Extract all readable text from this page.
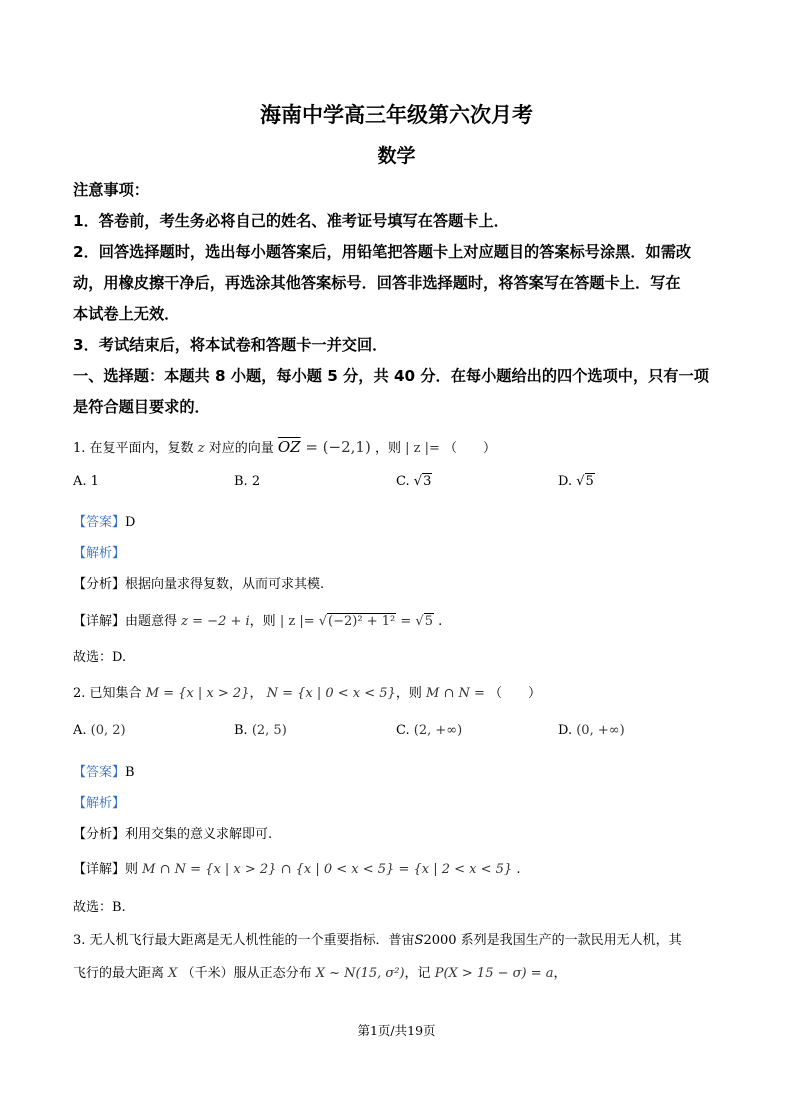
海南中学高三年级第六次月考
数学
注意事项：
1．答卷前，考生务必将自己的姓名、准考证号填写在答题卡上．
2．回答选择题时，选出每小题答案后，用铅笔把答题卡上对应题目的答案标号涂黑．如需改
动，用橡皮擦干净后，再选涂其他答案标号．回答非选择题时，将答案写在答题卡上．写在
本试卷上无效．
3．考试结束后，将本试卷和答题卡一并交回．
一、选择题：本题共 8 小题，每小题 5 分，共 40 分．在每小题给出的四个选项中，只有一项
是符合题目要求的．
1. 在复平面内，复数 z 对应的向量 $\overline{OZ} = (-2,1)$ ，则 | z |= （　　）
A. 1	B. 2	C. √3	D. √5
【答案】D
【解析】
【分析】根据向量求得复数，从而可求其模.
【详解】由题意得 z = −2 + i，则 | z |= √(−2)² + 1² = √5 .
故选：D.
2. 已知集合 M = {x | x > 2}， N = {x | 0 < x < 5}，则 M ∩ N = （　　）
A. (0, 2)	B. (2, 5)	C. (2, +∞)	D. (0, +∞)
【答案】B
【解析】
【分析】利用交集的意义求解即可.
【详解】则 M ∩ N = {x | x > 2} ∩ {x | 0 < x < 5} = {x | 2 < x < 5} .
故选：B.
3. 无人机飞行最大距离是无人机性能的一个重要指标．普宙S2000 系列是我国生产的一款民用无人机，其
飞行的最大距离 X （千米）服从正态分布 X ~ N(15, σ²)，记 P(X > 15 − σ) = a，
第1页/共19页
